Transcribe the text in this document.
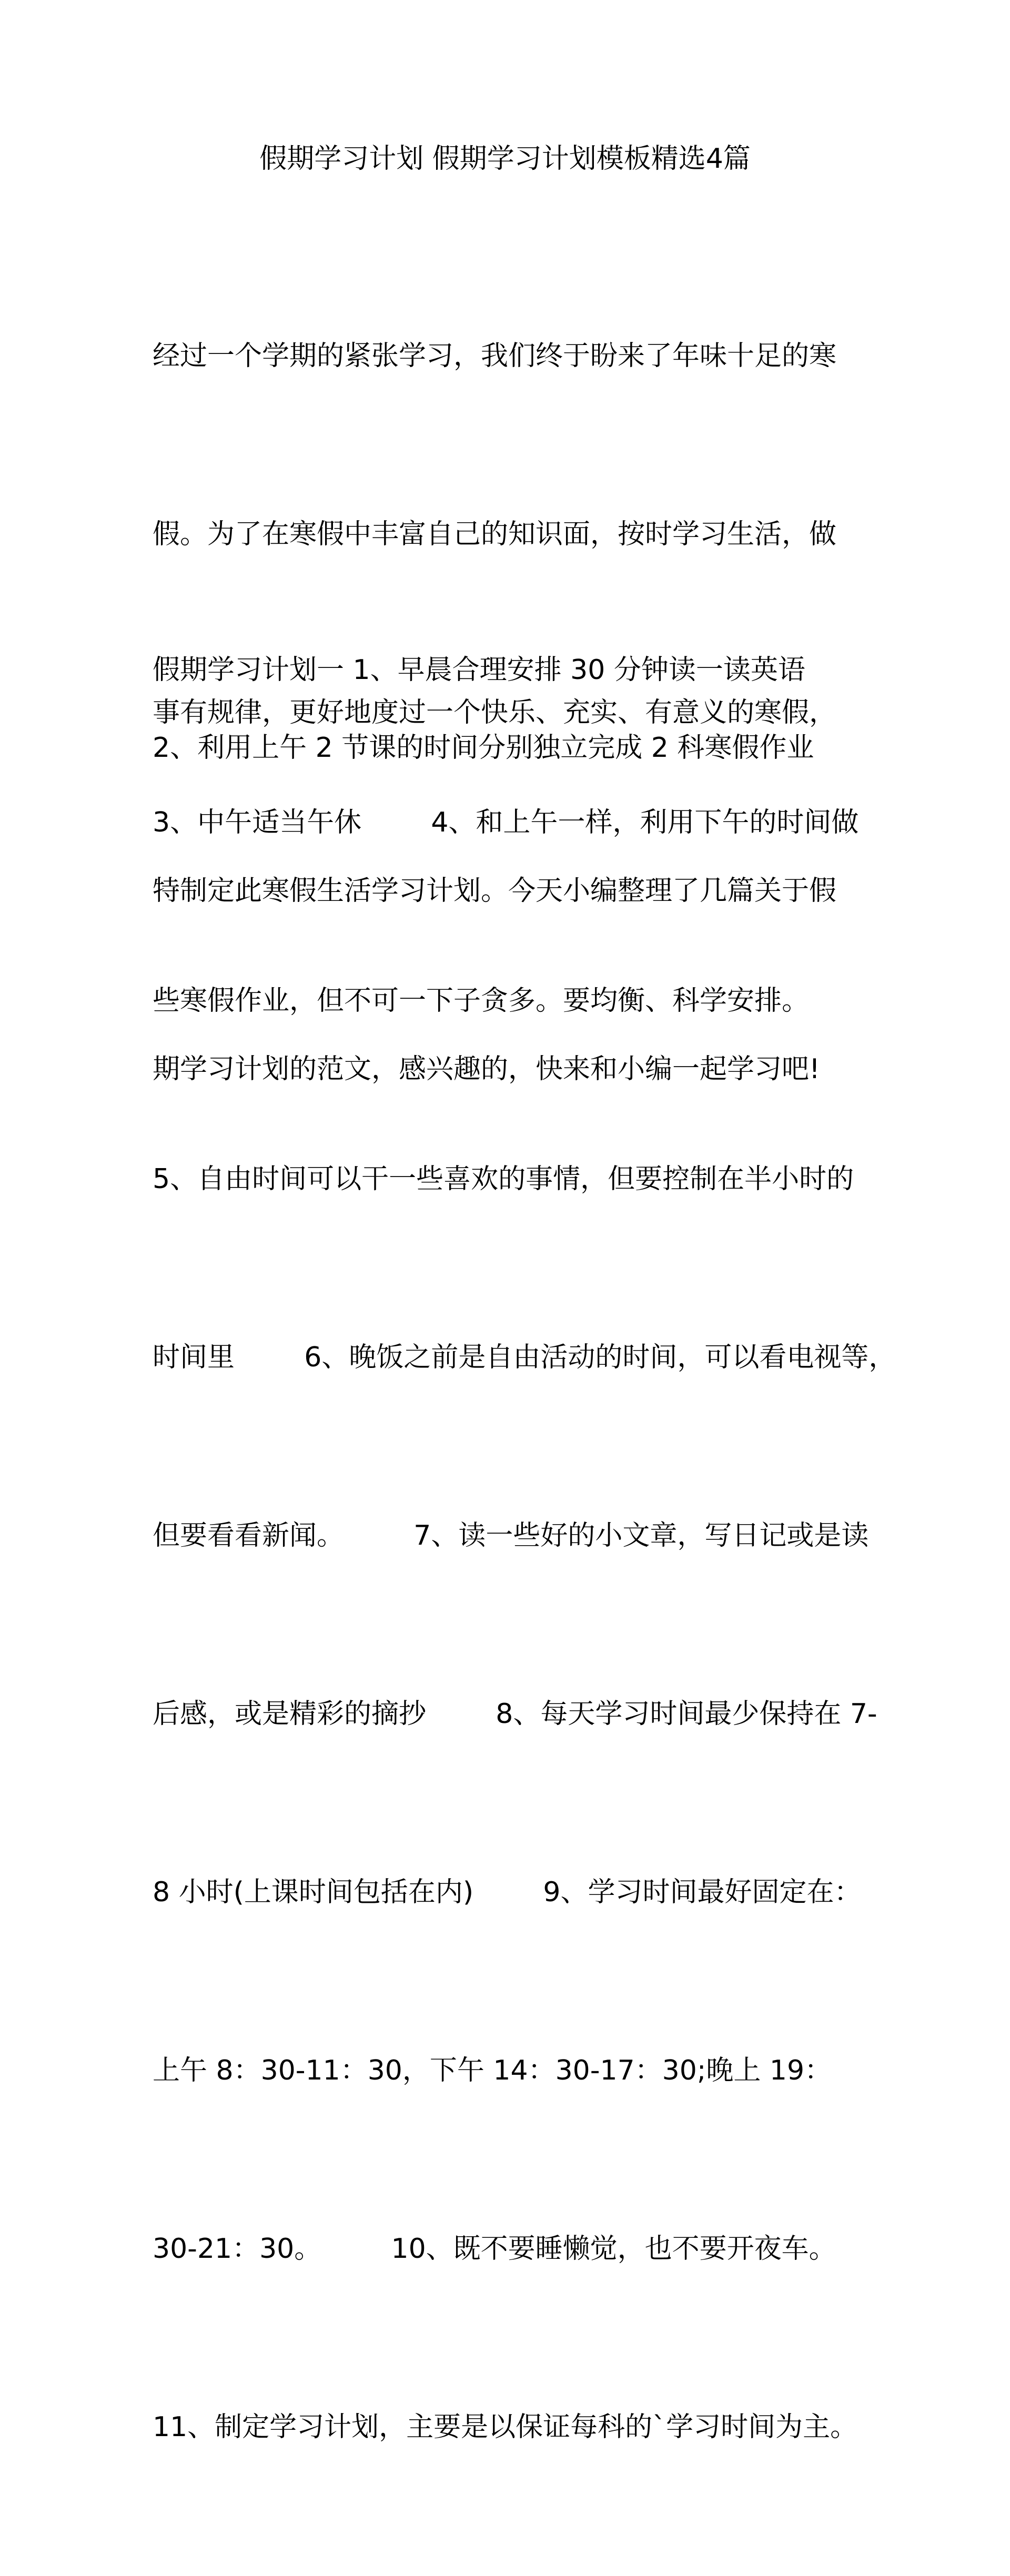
假期学习计划 假期学习计划模板精选4篇

经过一个学期的紧张学习，我们终于盼来了年味十足的寒

假。为了在寒假中丰富自己的知识面，按时学习生活，做

事有规律，更好地度过一个快乐、充实、有意义的寒假，

特制定此寒假生活学习计划。今天小编整理了几篇关于假

期学习计划的范文，感兴趣的，快来和小编一起学习吧!

假期学习计划一 1、早晨合理安排 30 分钟读一读英语

2、利用上午 2 节课的时间分别独立完成 2 科寒假作业

3、中午适当午休        4、和上午一样，利用下午的时间做

些寒假作业，但不可一下子贪多。要均衡、科学安排。

5、自由时间可以干一些喜欢的事情，但要控制在半小时的

时间里        6、晚饭之前是自由活动的时间，可以看电视等，

但要看看新闻。        7、读一些好的小文章，写日记或是读

后感，或是精彩的摘抄        8、每天学习时间最少保持在 7-

8 小时(上课时间包括在内)        9、学习时间最好固定在：

上午 8：30-11：30，下午 14：30-17：30;晚上 19：

30-21：30。        10、既不要睡懒觉，也不要开夜车。

11、制定学习计划，主要是以保证每科的`学习时间为主。
